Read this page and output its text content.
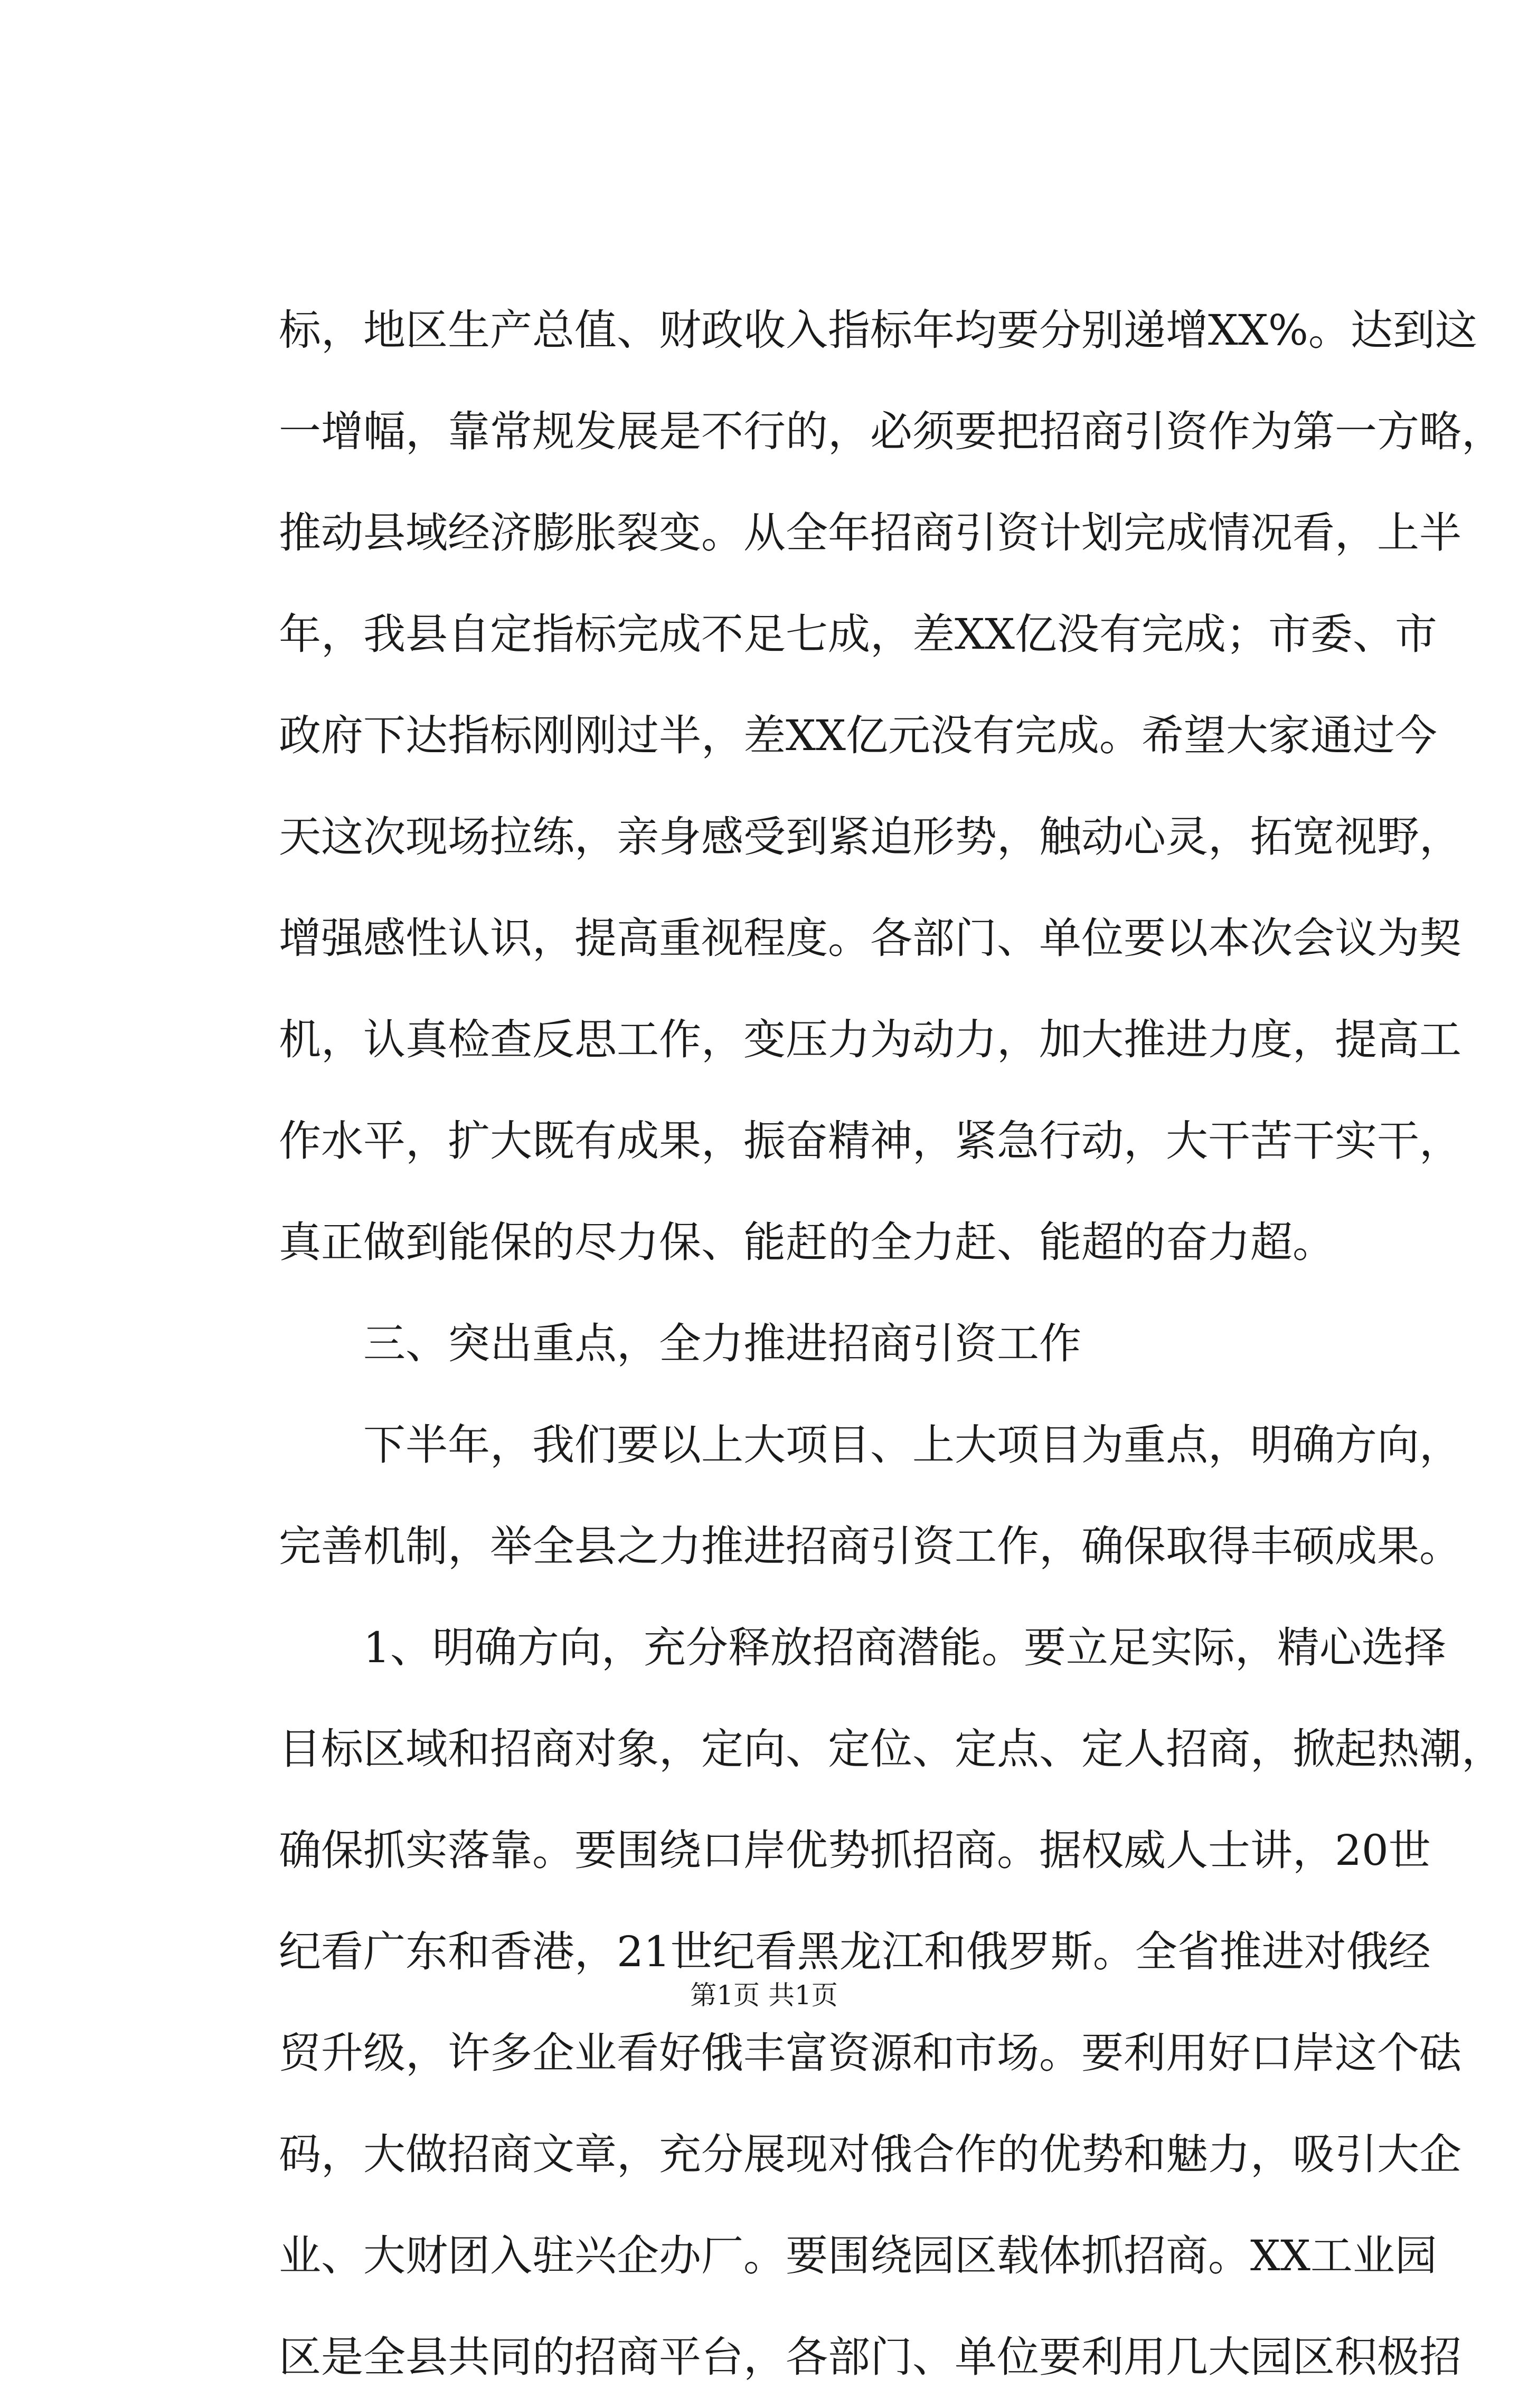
标，地区生产总值、财政收入指标年均要分别递增XX%。达到这
一增幅，靠常规发展是不行的，必须要把招商引资作为第一方略，
推动县域经济膨胀裂变。从全年招商引资计划完成情况看，上半
年，我县自定指标完成不足七成，差XX亿没有完成；市委、市
政府下达指标刚刚过半，差XX亿元没有完成。希望大家通过今
天这次现场拉练，亲身感受到紧迫形势，触动心灵，拓宽视野，
增强感性认识，提高重视程度。各部门、单位要以本次会议为契
机，认真检查反思工作，变压力为动力，加大推进力度，提高工
作水平，扩大既有成果，振奋精神，紧急行动，大干苦干实干，
真正做到能保的尽力保、能赶的全力赶、能超的奋力超。
三、突出重点，全力推进招商引资工作
下半年，我们要以上大项目、上大项目为重点，明确方向，
完善机制，举全县之力推进招商引资工作，确保取得丰硕成果。
1、明确方向，充分释放招商潜能。要立足实际，精心选择
目标区域和招商对象，定向、定位、定点、定人招商，掀起热潮，
确保抓实落靠。要围绕口岸优势抓招商。据权威人士讲，20世
纪看广东和香港，21世纪看黑龙江和俄罗斯。全省推进对俄经
贸升级，许多企业看好俄丰富资源和市场。要利用好口岸这个砝
码，大做招商文章，充分展现对俄合作的优势和魅力，吸引大企
业、大财团入驻兴企办厂。要围绕园区载体抓招商。XX工业园
区是全县共同的招商平台，各部门、单位要利用几大园区积极招
第1页 共1页
